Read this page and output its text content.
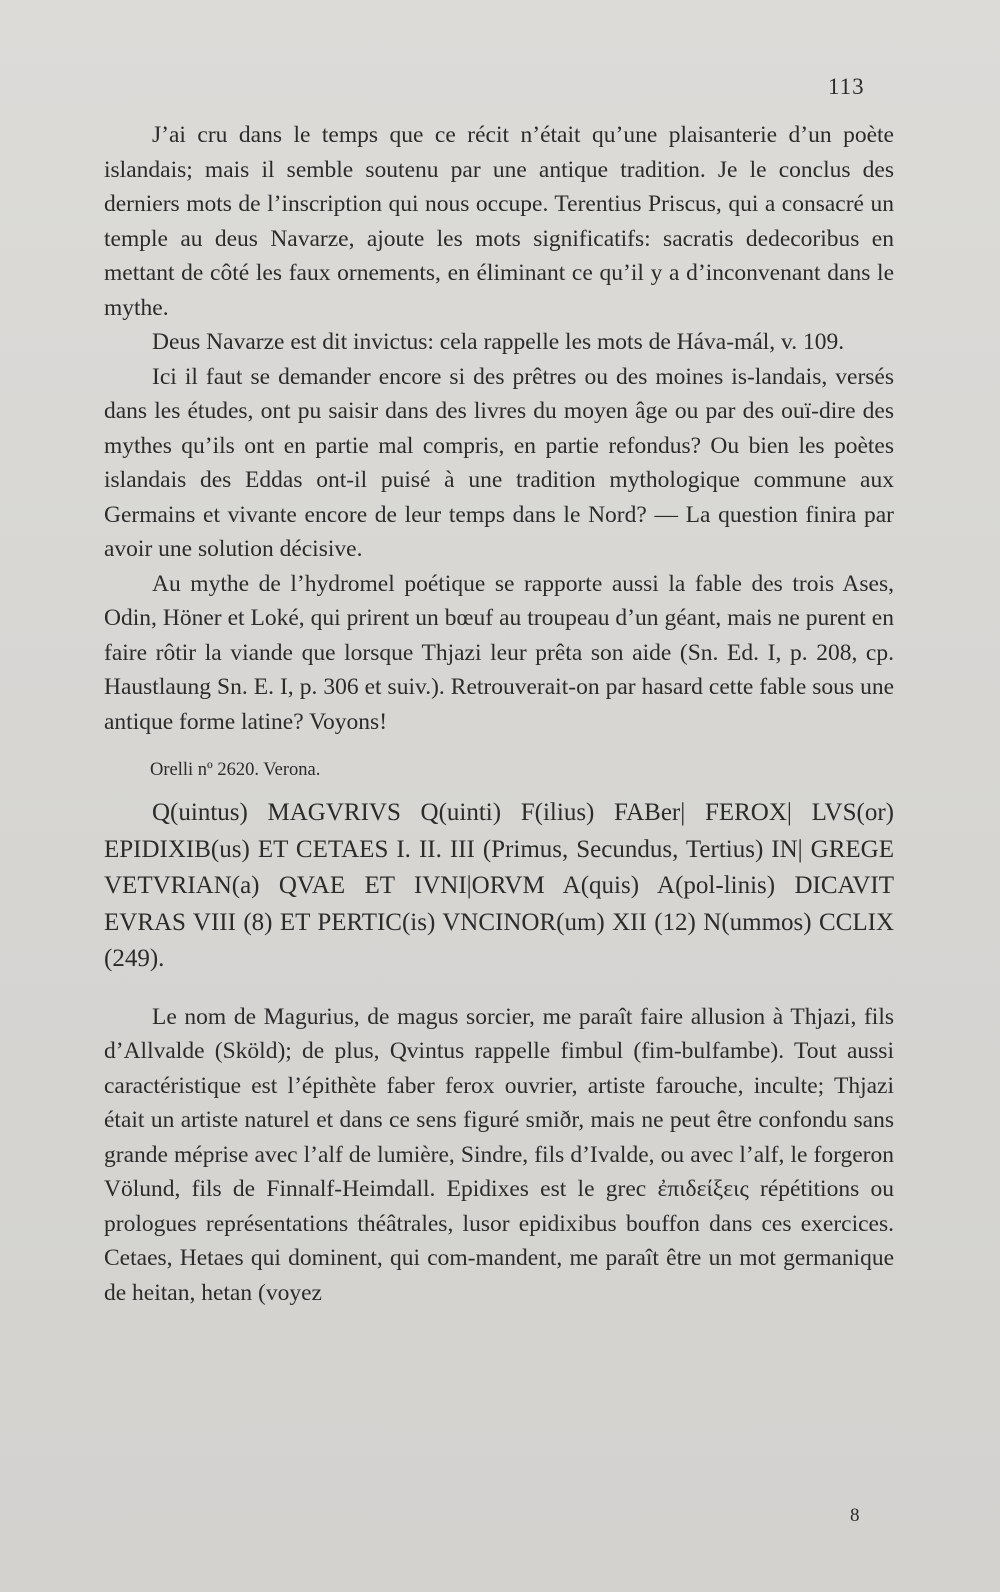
113

J’ai cru dans le temps que ce récit n’était qu’une plaisanterie d’un poète islandais; mais il semble soutenu par une antique tradition. Je le conclus des derniers mots de l’inscription qui nous occupe. Terentius Priscus, qui a consacré un temple au deus Navarze, ajoute les mots significatifs: sacratis dedecoribus en mettant de côté les faux ornements, en éliminant ce qu’il y a d’inconvenant dans le mythe.

Deus Navarze est dit invictus: cela rappelle les mots de Háva-mál, v. 109.

Ici il faut se demander encore si des prêtres ou des moines is-landais, versés dans les études, ont pu saisir dans des livres du moyen âge ou par des ouï-dire des mythes qu’ils ont en partie mal compris, en partie refondus? Ou bien les poètes islandais des Eddas ont-il puisé à une tradition mythologique commune aux Germains et vivante encore de leur temps dans le Nord? — La question finira par avoir une solution décisive.

Au mythe de l’hydromel poétique se rapporte aussi la fable des trois Ases, Odin, Höner et Loké, qui prirent un bœuf au troupeau d’un géant, mais ne purent en faire rôtir la viande que lorsque Thjazi leur prêta son aide (Sn. Ed. I, p. 208, cp. Haustlaung Sn. E. I, p. 306 et suiv.). Retrouverait-on par hasard cette fable sous une antique forme latine? Voyons!

Orelli nº 2620. Verona.

Q(uintus) MAGVRIVS Q(uinti) F(ilius) FABer| FEROX| LVS(or) EPIDIXIB(us) ET CETAES I. II. III (Primus, Secundus, Tertius) IN| GREGE VETVRIAN(a) QVAE ET IVNI|ORVM A(quis) A(pol-linis) DICAVIT EVRAS VIII (8) ET PERTIC(is) VNCINOR(um) XII (12) N(ummos) CCLIX (249).

Le nom de Magurius, de magus sorcier, me paraît faire allusion à Thjazi, fils d’Allvalde (Sköld); de plus, Qvintus rappelle fimbul (fim-bulfambe). Tout aussi caractéristique est l’épithète faber ferox ouvrier, artiste farouche, inculte; Thjazi était un artiste naturel et dans ce sens figuré smiðr, mais ne peut être confondu sans grande méprise avec l’alf de lumière, Sindre, fils d’Ivalde, ou avec l’alf, le forgeron Völund, fils de Finnalf-Heimdall. Epidixes est le grec ἐπιδείξεις répétitions ou prologues représentations théâtrales, lusor epidixibus bouffon dans ces exercices. Cetaes, Hetaes qui dominent, qui com-mandent, me paraît être un mot germanique de heitan, hetan (voyez

8
